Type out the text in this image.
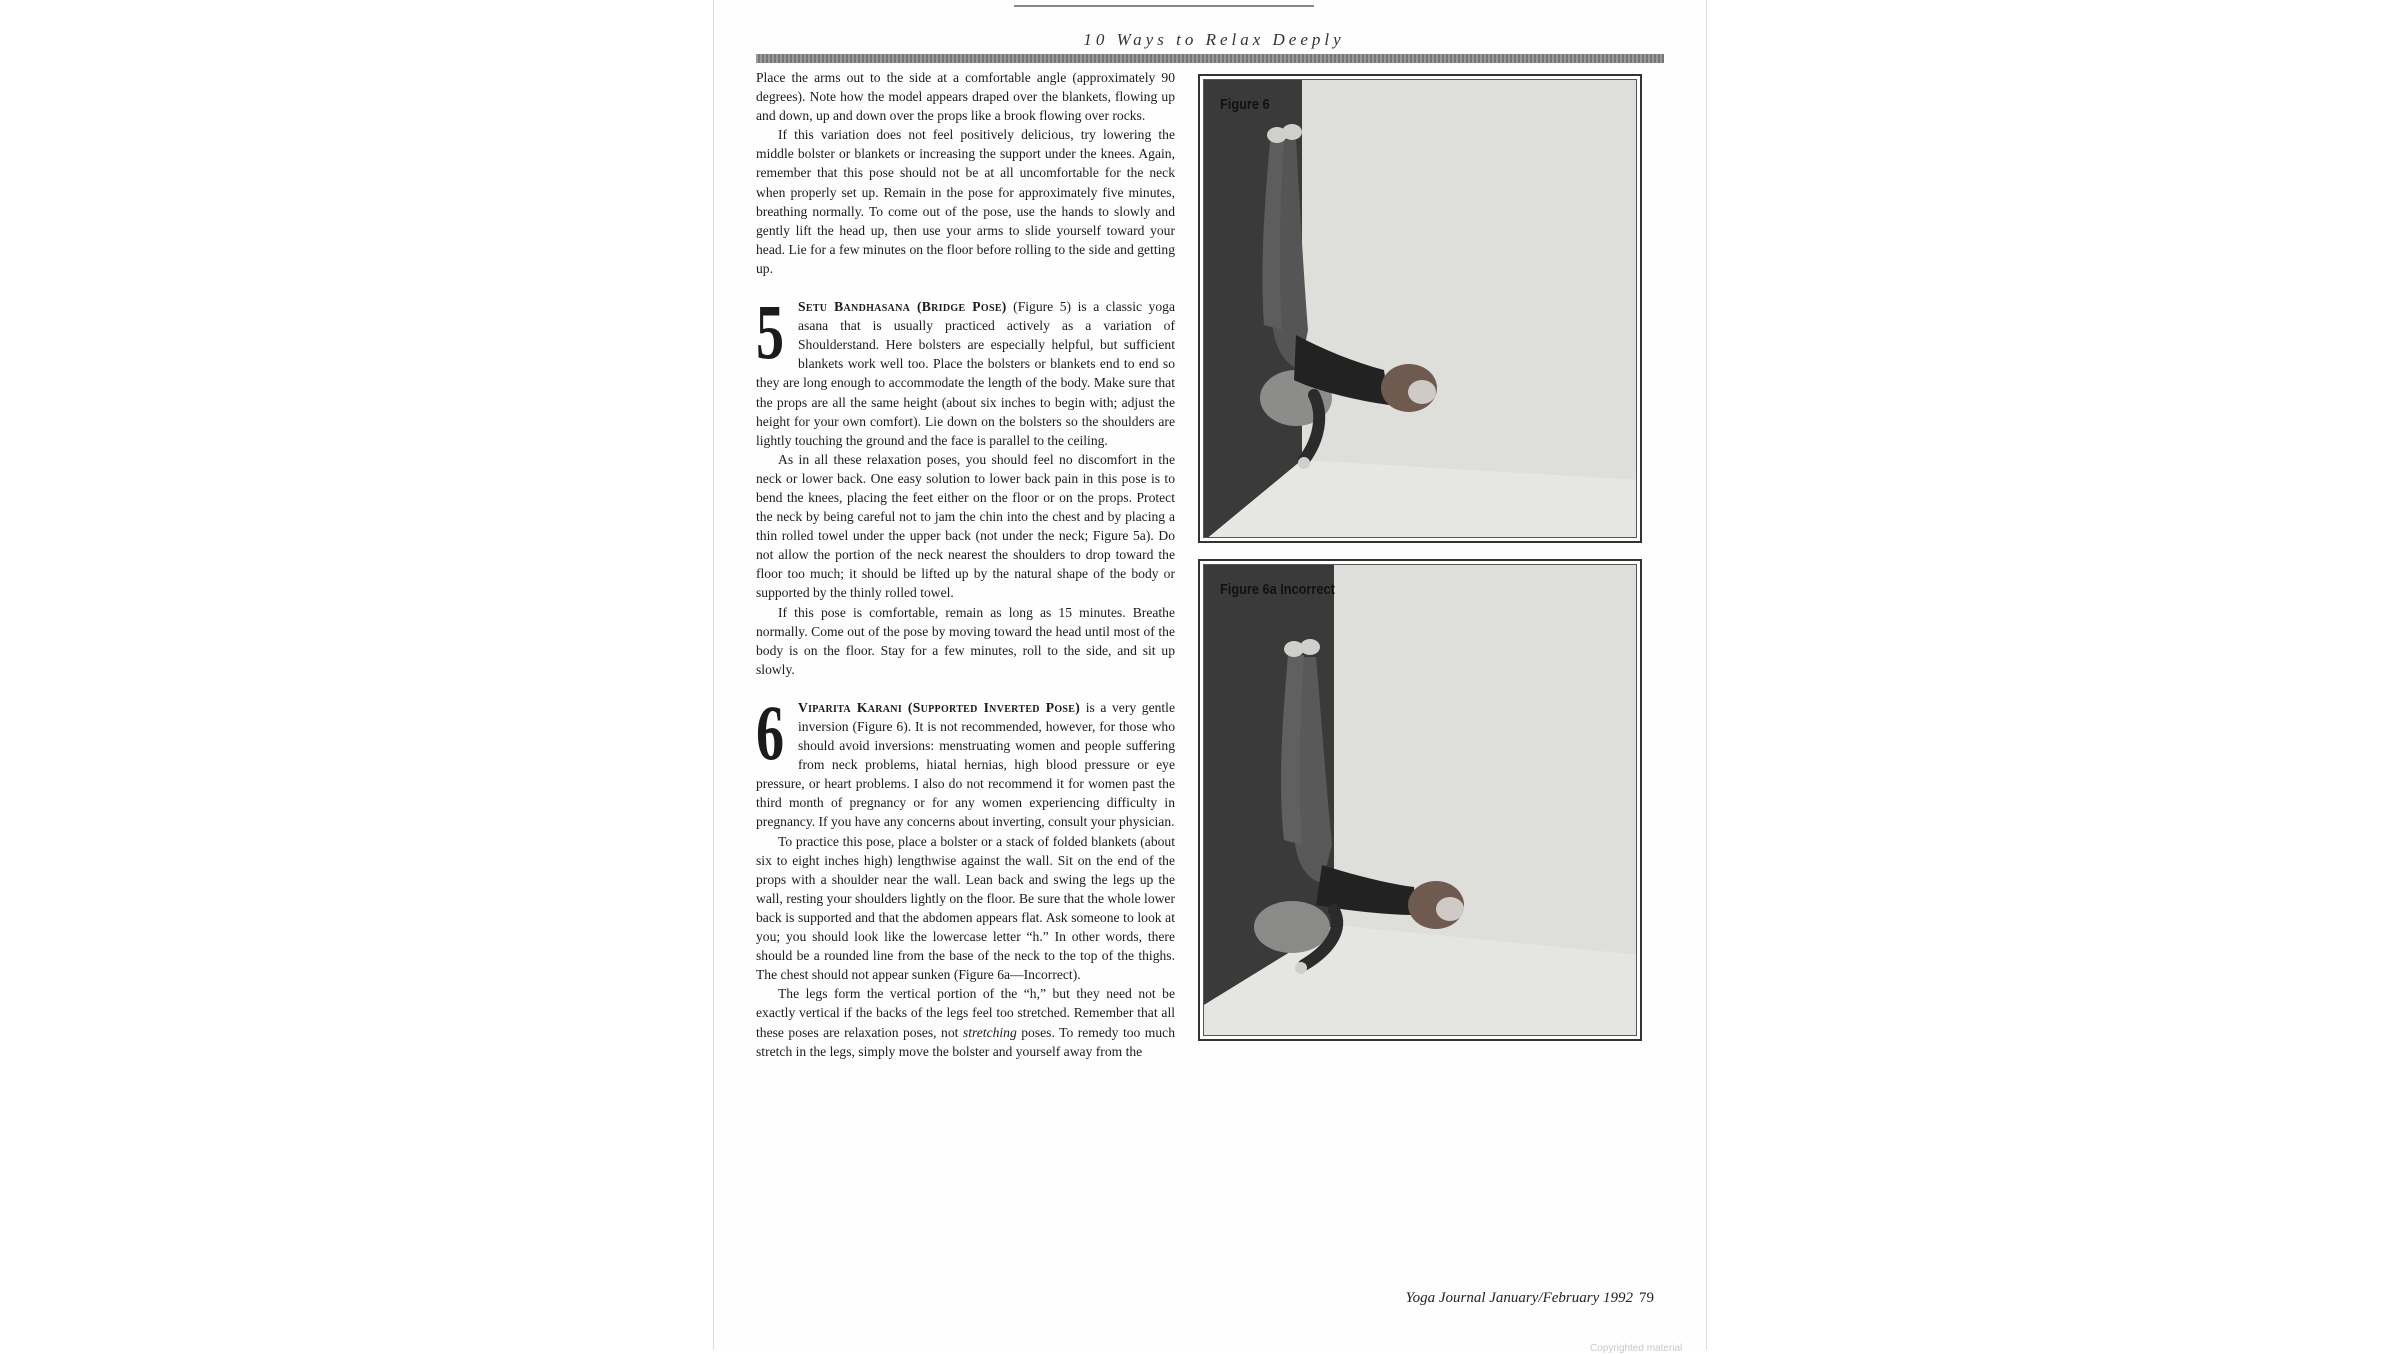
10 Ways to Relax Deeply

Place the arms out to the side at a comfortable angle (approximately 90 degrees). Note how the model appears draped over the blankets, flowing up and down, up and down over the props like a brook flowing over rocks.

If this variation does not feel positively delicious, try lowering the middle bolster or blankets or increasing the support under the knees. Again, remember that this pose should not be at all uncomfortable for the neck when properly set up. Remain in the pose for approximately five minutes, breathing normally. To come out of the pose, use the hands to slowly and gently lift the head up, then use your arms to slide yourself toward your head. Lie for a few minutes on the floor before rolling to the side and getting up.

5 Setu Bandhasana (Bridge Pose) (Figure 5) is a classic yoga asana that is usually practiced actively as a variation of Shoulderstand. Here bolsters are especially helpful, but sufficient blankets work well too. Place the bolsters or blankets end to end so they are long enough to accommodate the length of the body. Make sure that the props are all the same height (about six inches to begin with; adjust the height for your own comfort). Lie down on the bolsters so the shoulders are lightly touching the ground and the face is parallel to the ceiling.

As in all these relaxation poses, you should feel no discomfort in the neck or lower back. One easy solution to lower back pain in this pose is to bend the knees, placing the feet either on the floor or on the props. Protect the neck by being careful not to jam the chin into the chest and by placing a thin rolled towel under the upper back (not under the neck; Figure 5a). Do not allow the portion of the neck nearest the shoulders to drop toward the floor too much; it should be lifted up by the natural shape of the body or supported by the thinly rolled towel.

If this pose is comfortable, remain as long as 15 minutes. Breathe normally. Come out of the pose by moving toward the head until most of the body is on the floor. Stay for a few minutes, roll to the side, and sit up slowly.

6 Viparita Karani (Supported Inverted Pose) is a very gentle inversion (Figure 6). It is not recommended, however, for those who should avoid inversions: menstruating women and people suffering from neck problems, hiatal hernias, high blood pressure or eye pressure, or heart problems. I also do not recommend it for women past the third month of pregnancy or for any women experiencing difficulty in pregnancy. If you have any concerns about inverting, consult your physician.

To practice this pose, place a bolster or a stack of folded blankets (about six to eight inches high) lengthwise against the wall. Sit on the end of the props with a shoulder near the wall. Lean back and swing the legs up the wall, resting your shoulders lightly on the floor. Be sure that the whole lower back is supported and that the abdomen appears flat. Ask someone to look at you; you should look like the lowercase letter “h.” In other words, there should be a rounded line from the base of the neck to the top of the thighs. The chest should not appear sunken (Figure 6a—Incorrect).

The legs form the vertical portion of the “h,” but they need not be exactly vertical if the backs of the legs feel too stretched. Remember that all these poses are relaxation poses, not stretching poses. To remedy too much stretch in the legs, simply move the bolster and yourself away from the

Figure 6
Figure 6a Incorrect
Yoga Journal January/February 1992 79
Copyrighted material
